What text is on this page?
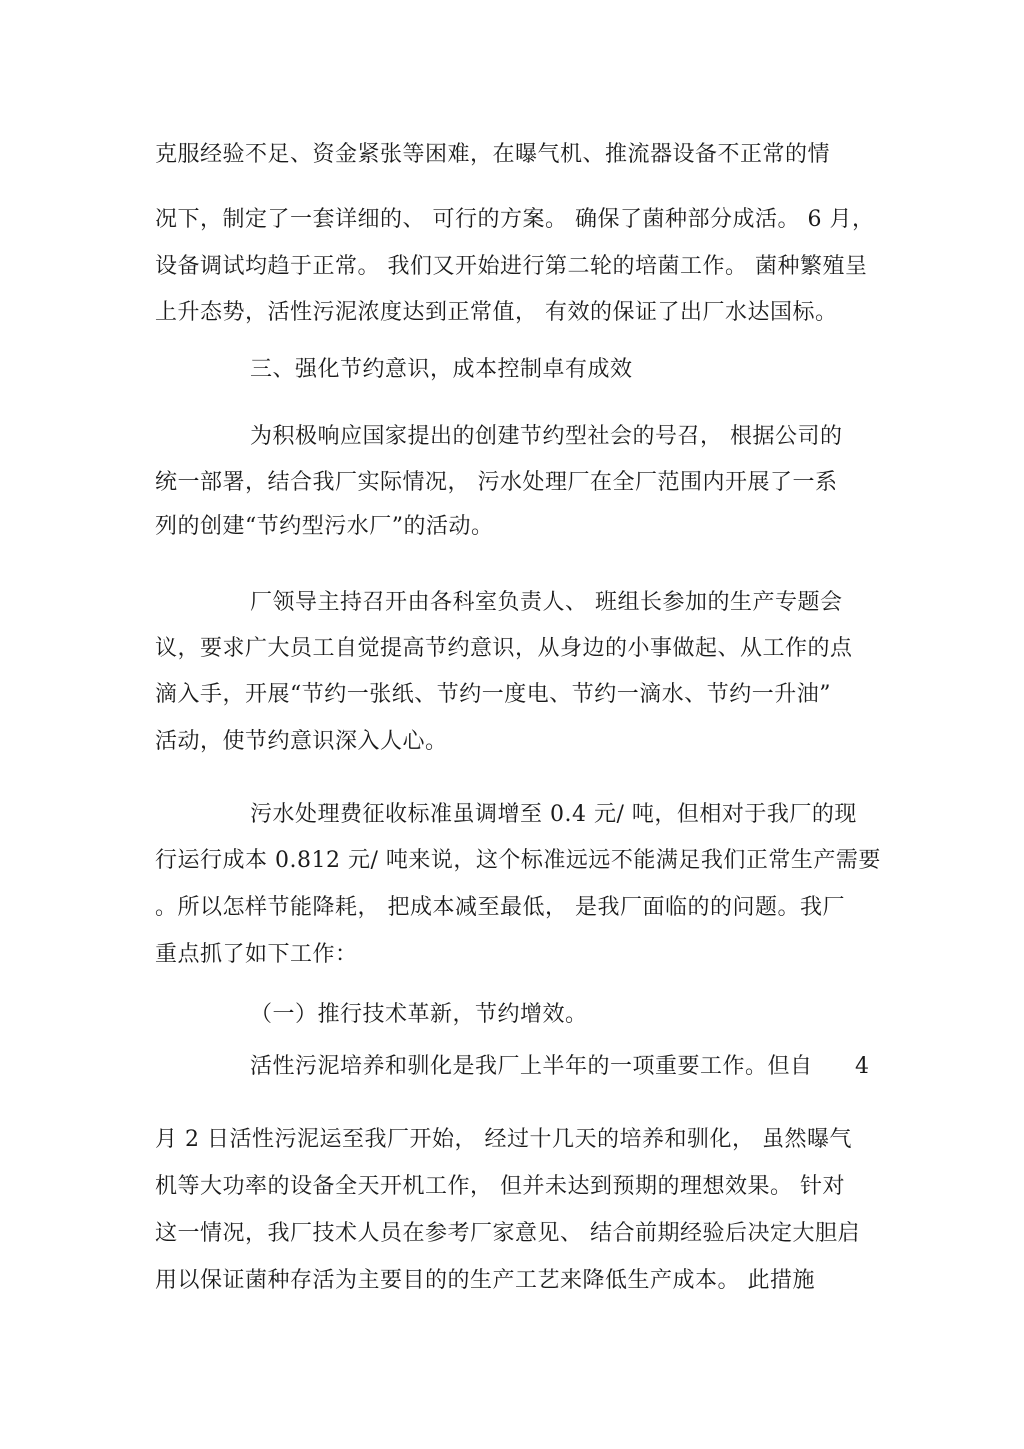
克服经验不足、资金紧张等困难，在曝气机、推流器设备不正常的情
况下，制定了一套详细的、 可行的方案。 确保了菌种部分成活。 6 月，
设备调试均趋于正常。 我们又开始进行第二轮的培菌工作。 菌种繁殖呈
上升态势，活性污泥浓度达到正常值， 有效的保证了出厂水达国标。
三、强化节约意识，成本控制卓有成效
为积极响应国家提出的创建节约型社会的号召， 根据公司的
统一部署，结合我厂实际情况， 污水处理厂在全厂范围内开展了一系
列的创建“节约型污水厂”的活动。
厂领导主持召开由各科室负责人、 班组长参加的生产专题会
议，要求广大员工自觉提高节约意识，从身边的小事做起、从工作的点
滴入手，开展“节约一张纸、节约一度电、节约一滴水、节约一升油”
活动，使节约意识深入人心。
污水处理费征收标准虽调增至 0.4 元/ 吨，但相对于我厂的现
行运行成本 0.812 元/ 吨来说，这个标准远远不能满足我们正常生产需要
。所以怎样节能降耗， 把成本减至最低， 是我厂面临的的问题。我厂
重点抓了如下工作：
（一）推行技术革新，节约增效。
活性污泥培养和驯化是我厂上半年的一项重要工作。但自 4
月 2 日活性污泥运至我厂开始， 经过十几天的培养和驯化， 虽然曝气
机等大功率的设备全天开机工作， 但并未达到预期的理想效果。 针对
这一情况，我厂技术人员在参考厂家意见、 结合前期经验后决定大胆启
用以保证菌种存活为主要目的的生产工艺来降低生产成本。 此措施
